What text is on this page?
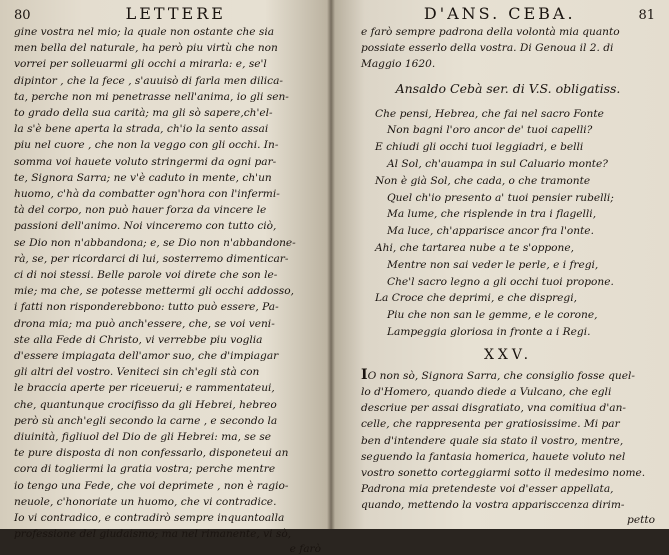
80	LETTERE
gine vostra nel mio; la quale non ostante che sia
men bella del naturale, ha però piu virtù che non
vorrei per solleuarmi gli occhi a mirarla: e, se'l
dipintor , che la fece , s'auuisò di farla men dilica-
ta, perche non mi penetrasse nell'anima, io gli sen-
to grado della sua carità; ma gli sò sapere,ch'el-
la s'è bene aperta la strada, ch'io la sento assai
piu nel cuore , che non la veggo con gli occhi. In-
somma voi hauete voluto stringermi da ogni par-
te, Signora Sarra; ne v'è caduto in mente, ch'un
huomo, c'hà da combatter ogn'hora con l'infermi-
tà del corpo, non può hauer forza da vincere le
passioni dell'animo. Noi vinceremo con tutto ciò,
se Dio non n'abbandona; e, se Dio non n'abbandone-
rà, se, per ricordarci di lui, sosterremo dimenticar-
ci di noi stessi. Belle parole voi direte che son le-
mie; ma che, se potesse mettermi gli occhi addosso,
i fatti non risponderebbono: tutto può essere, Pa-
drona mia; ma può anch'essere, che, se voi veni-
ste alla Fede di Christo, vi verrebbe piu voglia
d'essere impiagata dell'amor suo, che d'impiagar
gli altri del vostro. Veniteci sin ch'egli stà con
le braccia aperte per riceuerui; e rammentateui,
che, quantunque crocifisso da gli Hebrei, hebreo
però sù anch'egli secondo la carne , e secondo la
diuinità, figliuol del Dio de gli Hebrei: ma, se se
te pure disposta di non confessarlo, disponeteui an
cora di togliermi la gratia vostra; perche mentre
io tengo una Fede, che voi deprimete , non è ragio-
neuole, c'honoriate un huomo, che vi contradice.
Io vi contradico, e contradirò sempre inquantoalla
professione del giudaismo; ma nel rimanente, vi sò,
e farò
D'ANS. CEBA.	81
e farò sempre padrona della volontà mia quanto
possiate esserlo della vostra. Di Genoua il 2. di
Maggio 1620.
Ansaldo Cebà ser. di V.S. obligatiss.
Che pensi, Hebrea, che fai nel sacro Fonte
Non bagni l'oro ancor de' tuoi capelli?
E chiudi gli occhi tuoi leggiadri, e belli
Al Sol, ch'auampa in sul Caluario monte?
Non è già Sol, che cada, o che tramonte
Quel ch'io presento a' tuoi pensier rubelli;
Ma lume, che risplende in tra i flagelli,
Ma luce, ch'apparisce ancor fra l'onte.
Ahi, che tartarea nube a te s'oppone,
Mentre non sai veder le perle, e i fregi,
Che'l sacro legno a gli occhi tuoi propone.
La Croce che deprimi, e che dispregi,
Piu che non san le gemme, e le corone,
Lampeggia gloriosa in fronte a i Regi.
XXV.
IO non sò, Signora Sarra, che consiglio fosse quel-
lo d'Homero, quando diede a Vulcano, che egli
descriue per assai disgratiato, vna comitiua d'an-
celle, che rappresenta per gratiosissime. Mi par
ben d'intendere quale sia stato il vostro, mentre,
seguendo la fantasia homerica, hauete voluto nel
vostro sonetto corteggiarmi sotto il medesimo nome.
Padrona mia pretendeste voi d'esser appellata,
quando, mettendo la vostra apparisccenza dirim-
petto
